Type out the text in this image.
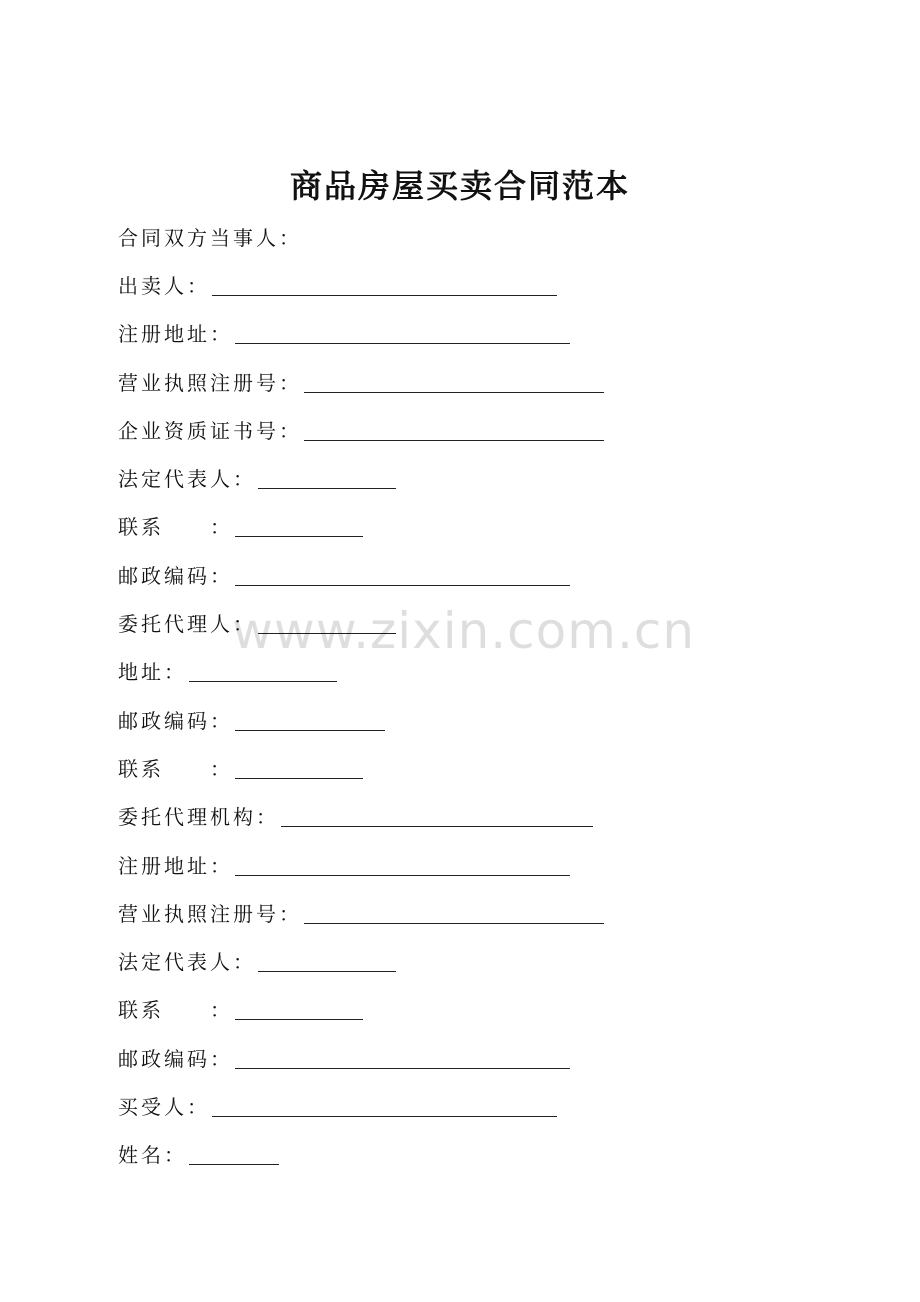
商品房屋买卖合同范本
合同双方当事人：
出卖人：
注册地址：
营业执照注册号：
企业资质证书号：
法定代表人：
联系　　：
邮政编码：
委托代理人：
地址：
邮政编码：
联系　　：
委托代理机构：
注册地址：
营业执照注册号：
法定代表人：
联系　　：
邮政编码：
买受人：
姓名：
www.zixin.com.cn
